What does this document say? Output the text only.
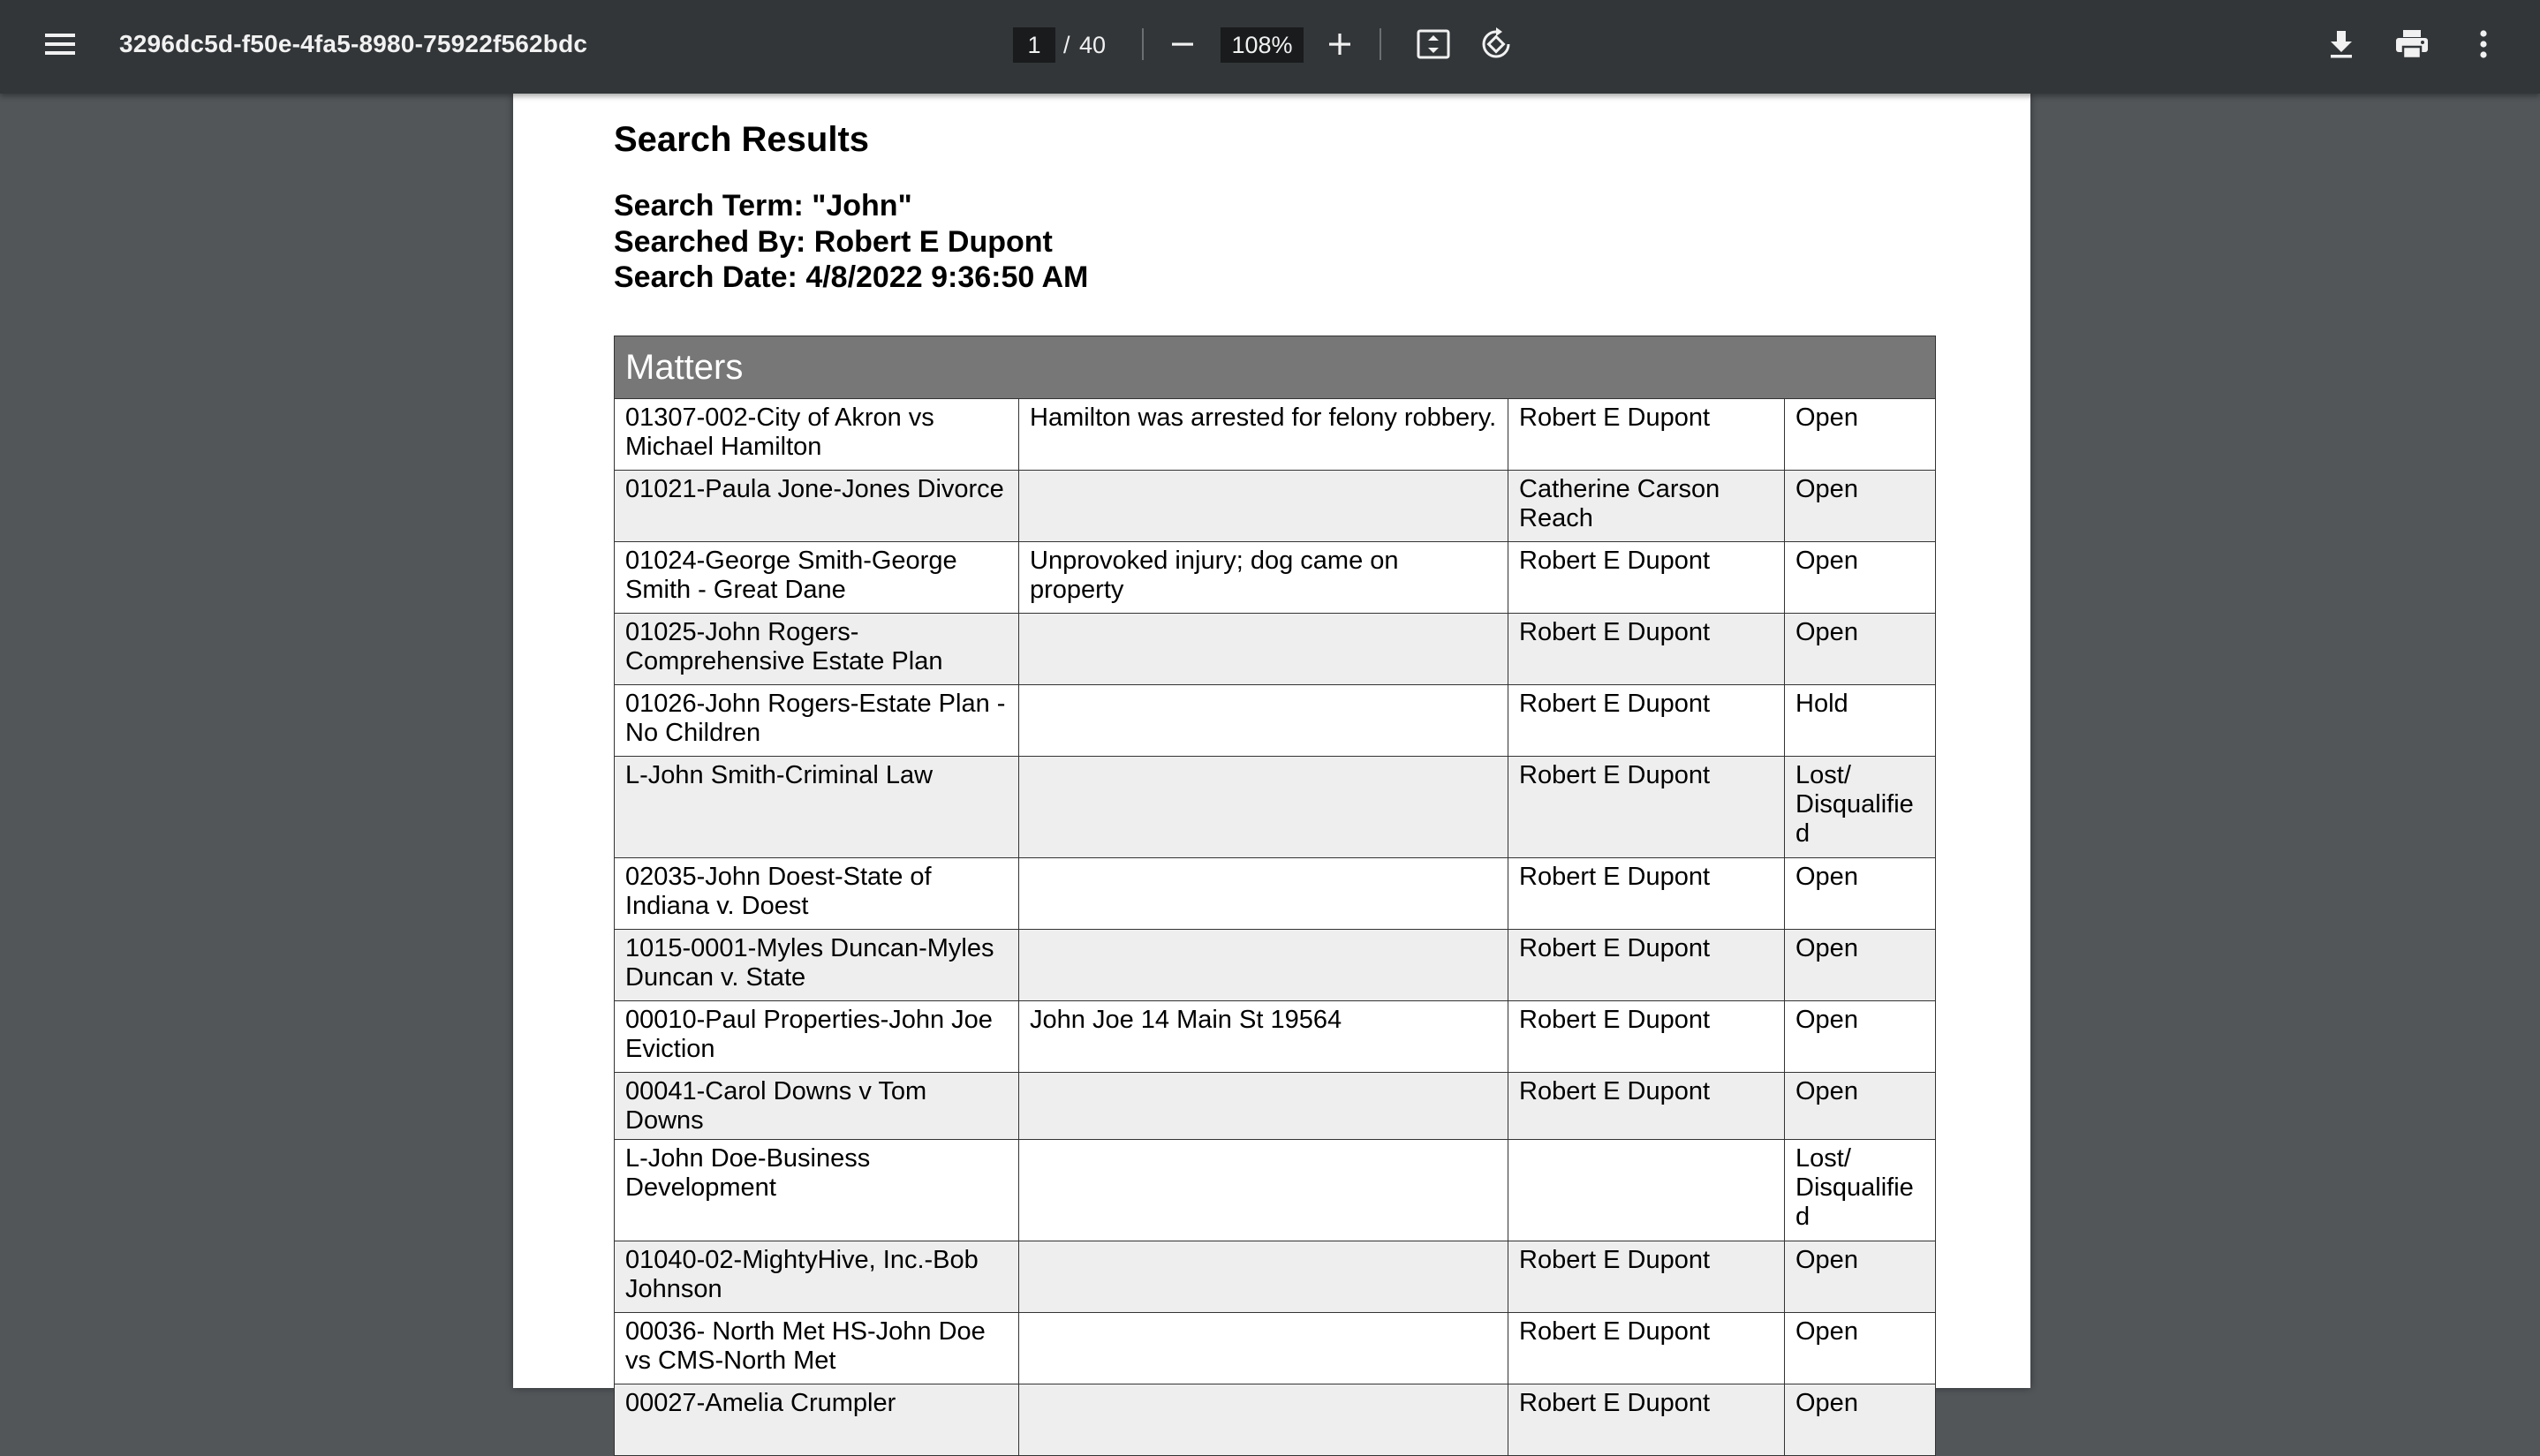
3296dc5d-f50e-4fa5-8980-75922f562bdc	1 / 40	108%
Search Results
Search Term: "John"
Searched By: Robert E Dupont
Search Date: 4/8/2022 9:36:50 AM
Matters			
01307-002-City of Akron vs Michael Hamilton	Hamilton was arrested for felony robbery.	Robert E Dupont	Open
01021-Paula Jone-Jones Divorce		Catherine Carson Reach	Open
01024-George Smith-George Smith - Great Dane	Unprovoked injury; dog came on property	Robert E Dupont	Open
01025-John Rogers-Comprehensive Estate Plan		Robert E Dupont	Open
01026-John Rogers-Estate Plan - No Children		Robert E Dupont	Hold
L-John Smith-Criminal Law		Robert E Dupont	Lost/ Disqualified
02035-John Doest-State of Indiana v. Doest		Robert E Dupont	Open
1015-0001-Myles Duncan-Myles Duncan v. State		Robert E Dupont	Open
00010-Paul Properties-John Joe Eviction	John Joe 14 Main St 19564	Robert E Dupont	Open
00041-Carol Downs v Tom Downs		Robert E Dupont	Open
L-John Doe-Business Development			Lost/ Disqualified
01040-02-MightyHive, Inc.-Bob Johnson		Robert E Dupont	Open
00036- North Met HS-John Doe vs CMS-North Met		Robert E Dupont	Open
00027-Amelia Crumpler		Robert E Dupont	Open
